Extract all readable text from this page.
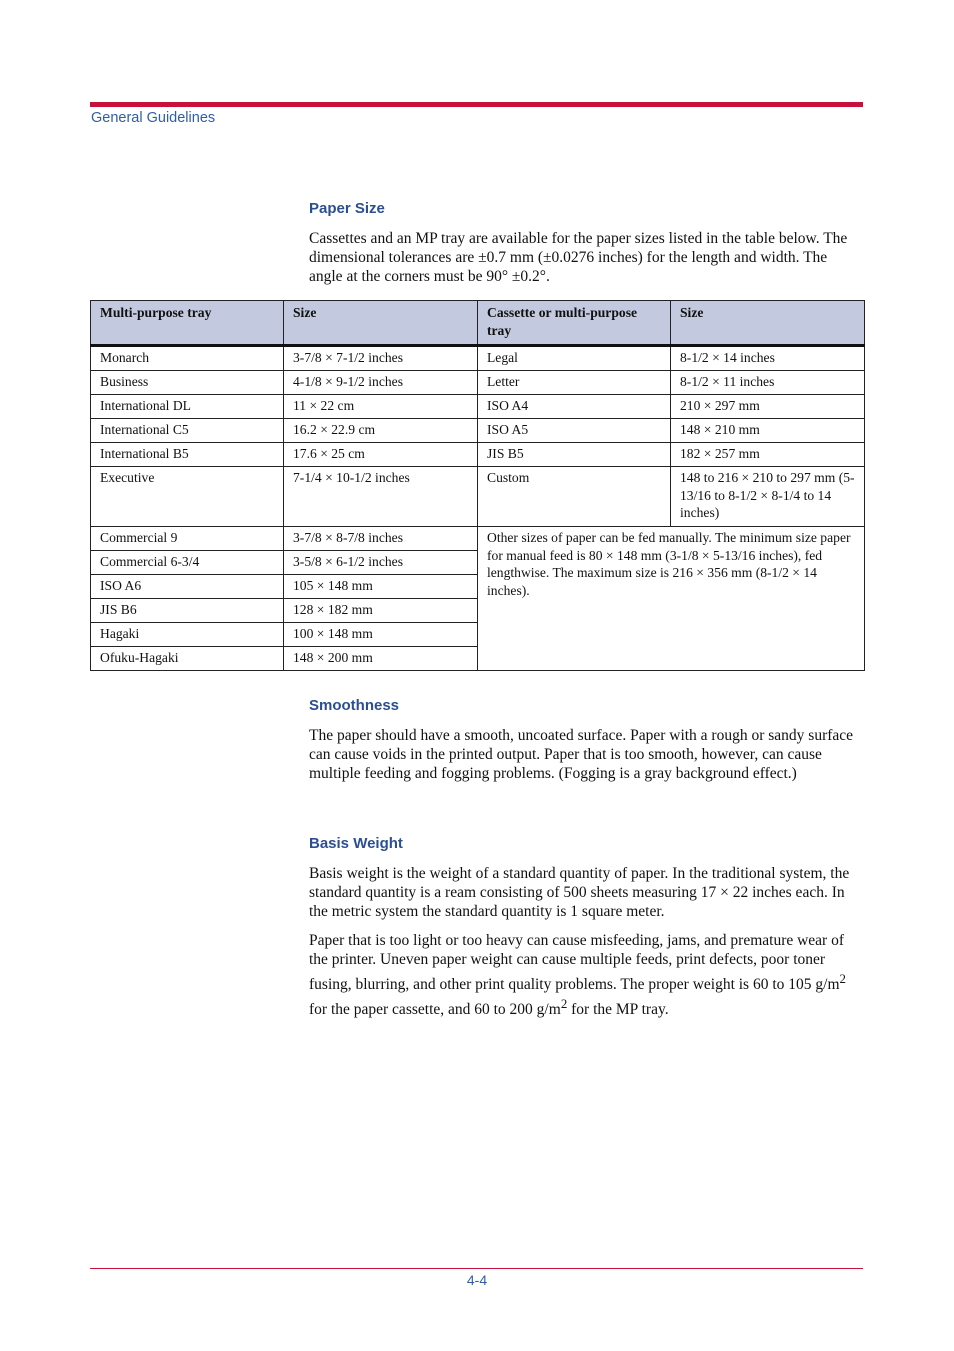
General Guidelines
Paper Size

Cassettes and an MP tray are available for the paper sizes listed in the table below. The dimensional tolerances are ±0.7 mm (±0.0276 inches) for the length and width. The angle at the corners must be 90° ±0.2°.

Multi-purpose tray	Size	Cassette or multi-purpose tray	Size
Monarch	3-7/8 × 7-1/2 inches	Legal	8-1/2 × 14 inches
Business	4-1/8 × 9-1/2 inches	Letter	8-1/2 × 11 inches
International DL	11 × 22 cm	ISO A4	210 × 297 mm
International C5	16.2 × 22.9 cm	ISO A5	148 × 210 mm
International B5	17.6 × 25 cm	JIS B5	182 × 257 mm
Executive	7-1/4 × 10-1/2 inches	Custom	148 to 216 × 210 to 297 mm (5-13/16 to 8-1/2 × 8-1/4 to 14 inches)
Commercial 9	3-7/8 × 8-7/8 inches	Other sizes of paper can be fed manually. The minimum size paper for manual feed is 80 × 148 mm (3-1/8 × 5-13/16 inches), fed lengthwise. The maximum size is 216 × 356 mm (8-1/2 × 14 inches).	
Commercial 6-3/4	3-5/8 × 6-1/2 inches		
ISO A6	105 × 148 mm		
JIS B6	128 × 182 mm		
Hagaki	100 × 148 mm		
Ofuku-Hagaki	148 × 200 mm		
Smoothness

The paper should have a smooth, uncoated surface. Paper with a rough or sandy surface can cause voids in the printed output. Paper that is too smooth, however, can cause multiple feeding and fogging problems. (Fogging is a gray background effect.)

Basis Weight

Basis weight is the weight of a standard quantity of paper. In the traditional system, the standard quantity is a ream consisting of 500 sheets measuring 17 × 22 inches each. In the metric system the standard quantity is 1 square meter.

Paper that is too light or too heavy can cause misfeeding, jams, and premature wear of the printer. Uneven paper weight can cause multiple feeds, print defects, poor toner fusing, blurring, and other print quality problems. The proper weight is 60 to 105 $g/m^2$ for the paper cassette, and 60 to 200 $g/m^2$ for the MP tray.

4-4
